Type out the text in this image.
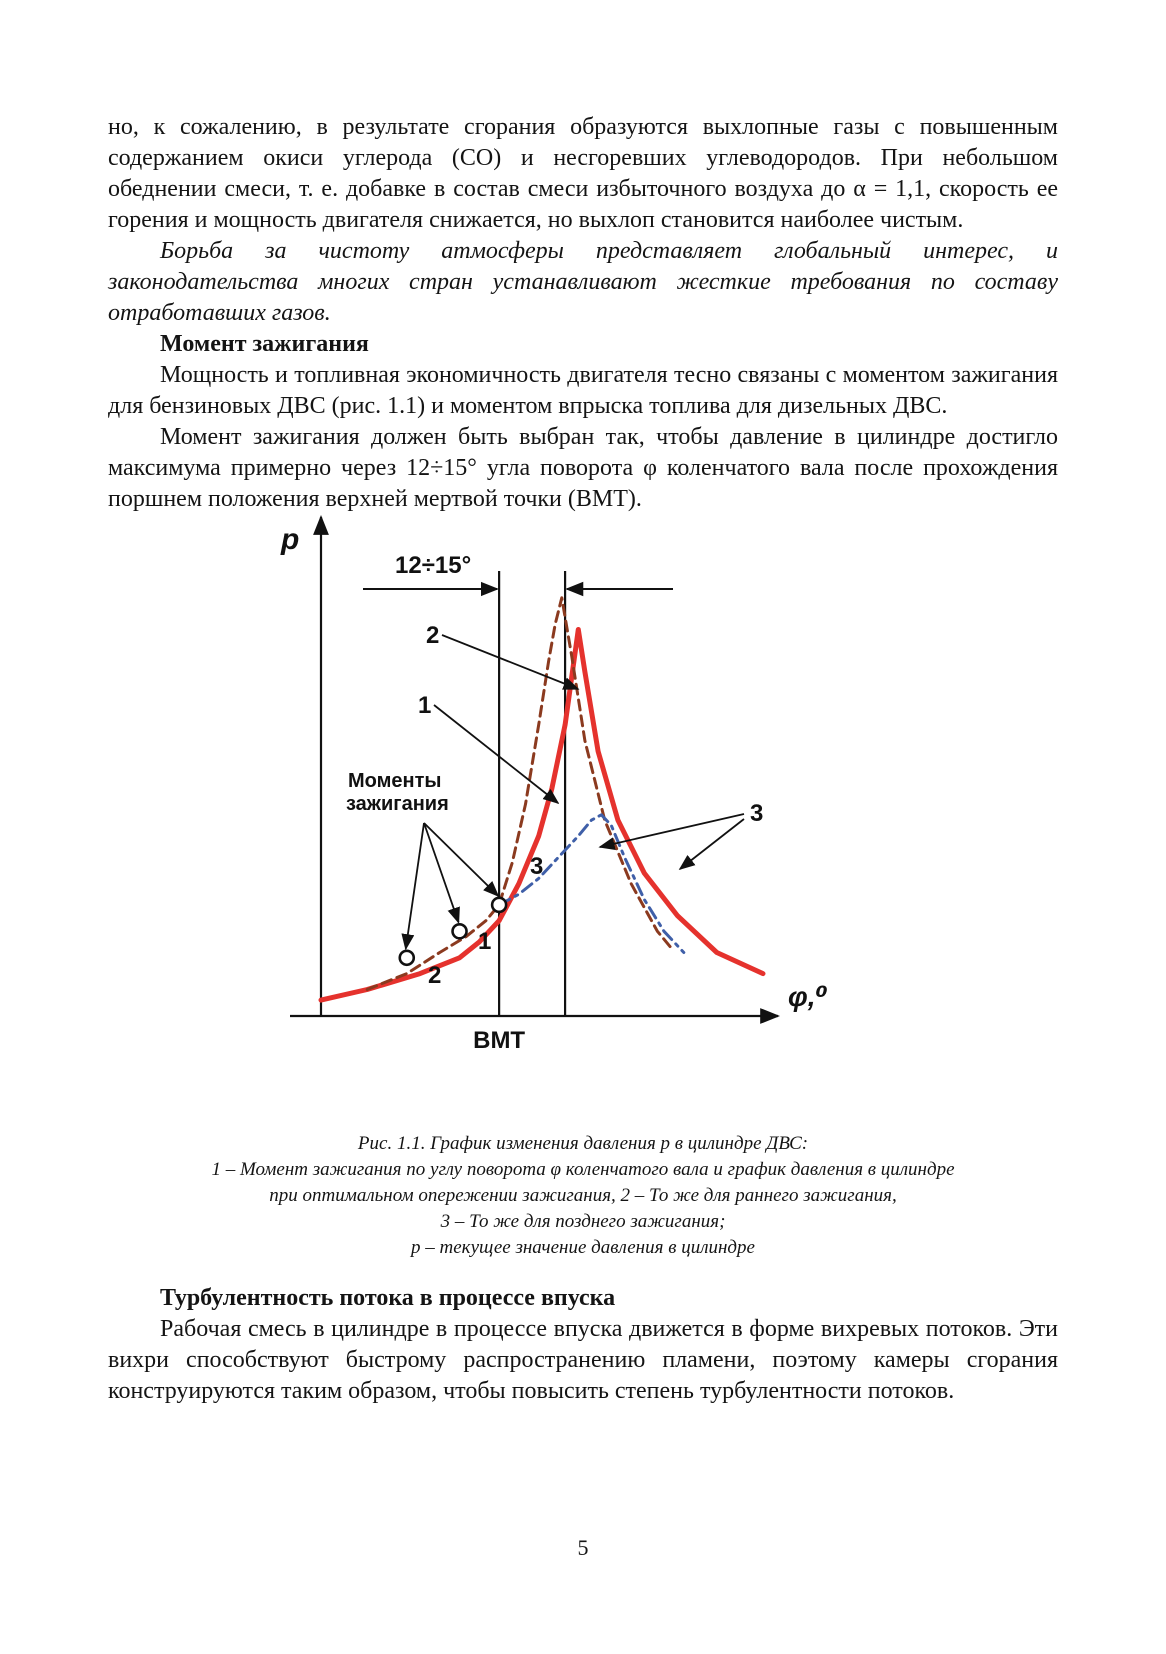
но, к сожалению, в результате сгорания образуются выхлопные газы с повышенным содержанием окиси углерода (СО) и несгоревших углеводородов. При небольшом обеднении смеси, т. е. добавке в состав смеси избыточного воздуха до α = 1,1, скорость ее горения и мощность двигателя снижается, но выхлоп становится наиболее чистым.

Борьба за чистоту атмосферы представляет глобальный интерес, и законодательства многих стран устанавливают жесткие требования по составу отработавших газов.

Момент зажигания

Мощность и топливная экономичность двигателя тесно связаны с моментом зажигания для бензиновых ДВС (рис. 1.1) и моментом впрыска топлива для дизельных ДВС.

Момент зажигания должен быть выбран так, чтобы давление в цилиндре достигло максимума примерно через 12÷15° угла поворота φ коленчатого вала после прохождения поршнем положения верхней мертвой точки (ВМТ).

p
φ,⁰
ВМТ
12÷15°
2
1
3
3
1
2
Моменты
зажигания

Рис. 1.1. График изменения давления р в цилиндре ДВС:
1 – Момент зажигания по углу поворота φ коленчатого вала и график давления в цилиндре
при оптимальном опережении зажигания, 2 – То же для раннего зажигания,
3 – То же для позднего зажигания;
р – текущее значение давления в цилиндре

Турбулентность потока в процессе впуска

Рабочая смесь в цилиндре в процессе впуска движется в форме вихревых потоков. Эти вихри способствуют быстрому распространению пламени, поэтому камеры сгорания конструируются таким образом, чтобы повысить степень турбулентности потоков.

5
